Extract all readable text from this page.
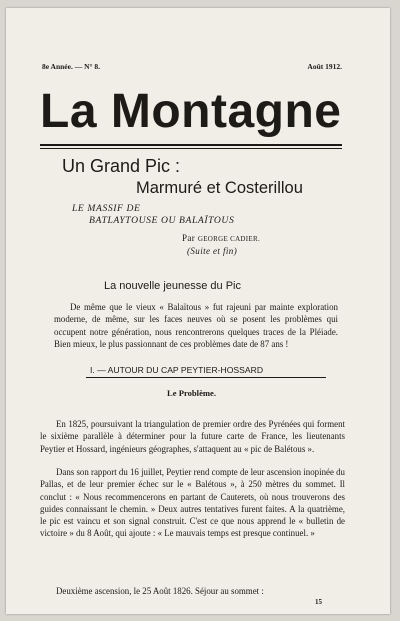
8e Année. — N° 8.	Août 1912.
La Montagne
Un Grand Pic :
Marmuré et Costerillou
LE MASSIF DE
BATLAYTOUSE OU BALAÏTOUS
Par GEORGE CADIER.
(Suite et fin)
La nouvelle jeunesse du Pic
De même que le vieux « Balaïtous » fut rajeuni par mainte exploration moderne, de même, sur les faces neuves où se posent les problèmes qui occupent notre génération, nous rencontrerons quelques traces de la Pléiade. Bien mieux, le plus passionnant de ces problèmes date de 87 ans !
I. — AUTOUR DU CAP PEYTIER-HOSSARD
Le Problème.
En 1825, poursuivant la triangulation de premier ordre des Pyrénées qui forment le sixième parallèle à déterminer pour la future carte de France, les lieutenants Peytier et Hossard, ingénieurs géographes, s'attaquent au « pic de Balétous ».
Dans son rapport du 16 juillet, Peytier rend compte de leur ascension inopinée du Pallas, et de leur premier échec sur le « Balétous », à 250 mètres du sommet. Il conclut : « Nous recommencerons en partant de Cauterets, où nous trouverons des guides connaissant le chemin. » Deux autres tentatives furent faites. A la quatrième, le pic est vaincu et son signal construit. C'est ce que nous apprend le « bulletin de victoire » du 8 Août, qui ajoute : « Le mauvais temps est presque continuel. »
Deuxième ascension, le 25 Août 1826. Séjour au sommet :
15
